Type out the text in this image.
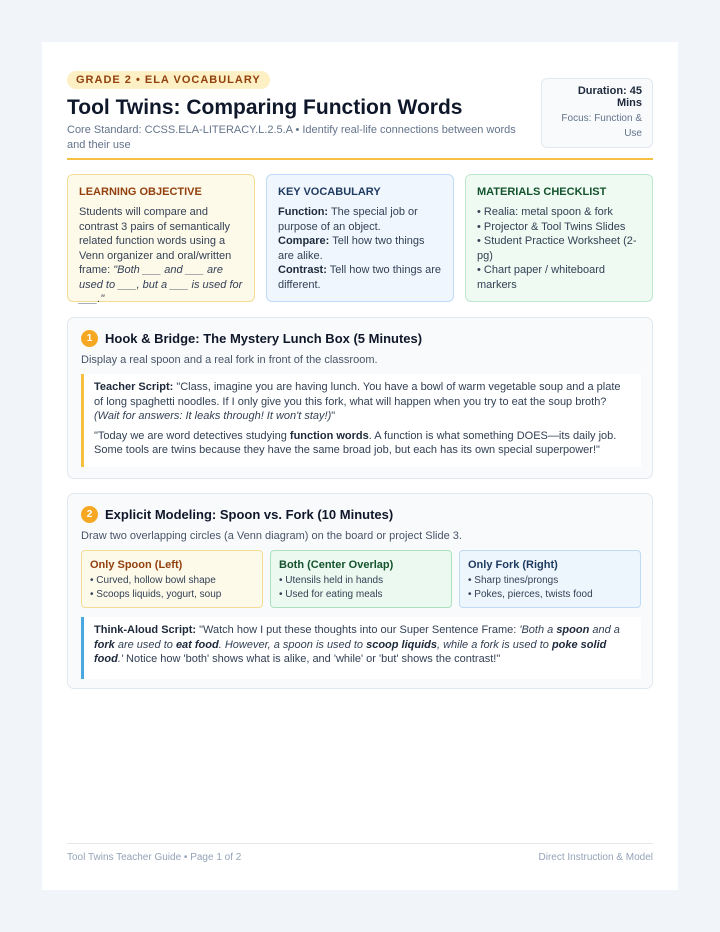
GRADE 2 • ELA VOCABULARY
Tool Twins: Comparing Function Words
Core Standard: CCSS.ELA-LITERACY.L.2.5.A • Identify real-life connections between words and their use
Duration: 45 Mins
Focus: Function & Use
LEARNING OBJECTIVE

Students will compare and contrast 3 pairs of semantically related function words using a Venn organizer and oral/written frame: "Both ___ and ___ are used to ___, but a ___ is used for ___."

KEY VOCABULARY

Function: The special job or purpose of an object.

Compare: Tell how two things are alike.

Contrast: Tell how two things are different.

MATERIALS CHECKLIST

• Realia: metal spoon & fork

• Projector & Tool Twins Slides

• Student Practice Worksheet (2-pg)

• Chart paper / whiteboard markers

1 Hook & Bridge: The Mystery Lunch Box (5 Minutes)
Display a real spoon and a real fork in front of the classroom.

Teacher Script: "Class, imagine you are having lunch. You have a bowl of warm vegetable soup and a plate of long spaghetti noodles. If I only give you this fork, what will happen when you try to eat the soup broth? (Wait for answers: It leaks through! It won't stay!)"

"Today we are word detectives studying function words. A function is what something DOES—its daily job. Some tools are twins because they have the same broad job, but each has its own special superpower!"

2 Explicit Modeling: Spoon vs. Fork (10 Minutes)
Draw two overlapping circles (a Venn diagram) on the board or project Slide 3.
Only Spoon (Left)
• Curved, hollow bowl shape
• Scoops liquids, yogurt, soup
Both (Center Overlap)
• Utensils held in hands
• Used for eating meals
Only Fork (Right)
• Sharp tines/prongs
• Pokes, pierces, twists food

Think-Aloud Script: "Watch how I put these thoughts into our Super Sentence Frame: 'Both a spoon and a fork are used to eat food. However, a spoon is used to scoop liquids, while a fork is used to poke solid food.' Notice how 'both' shows what is alike, and 'while' or 'but' shows the contrast!"

Tool Twins Teacher Guide • Page 1 of 2	Direct Instruction & Model
